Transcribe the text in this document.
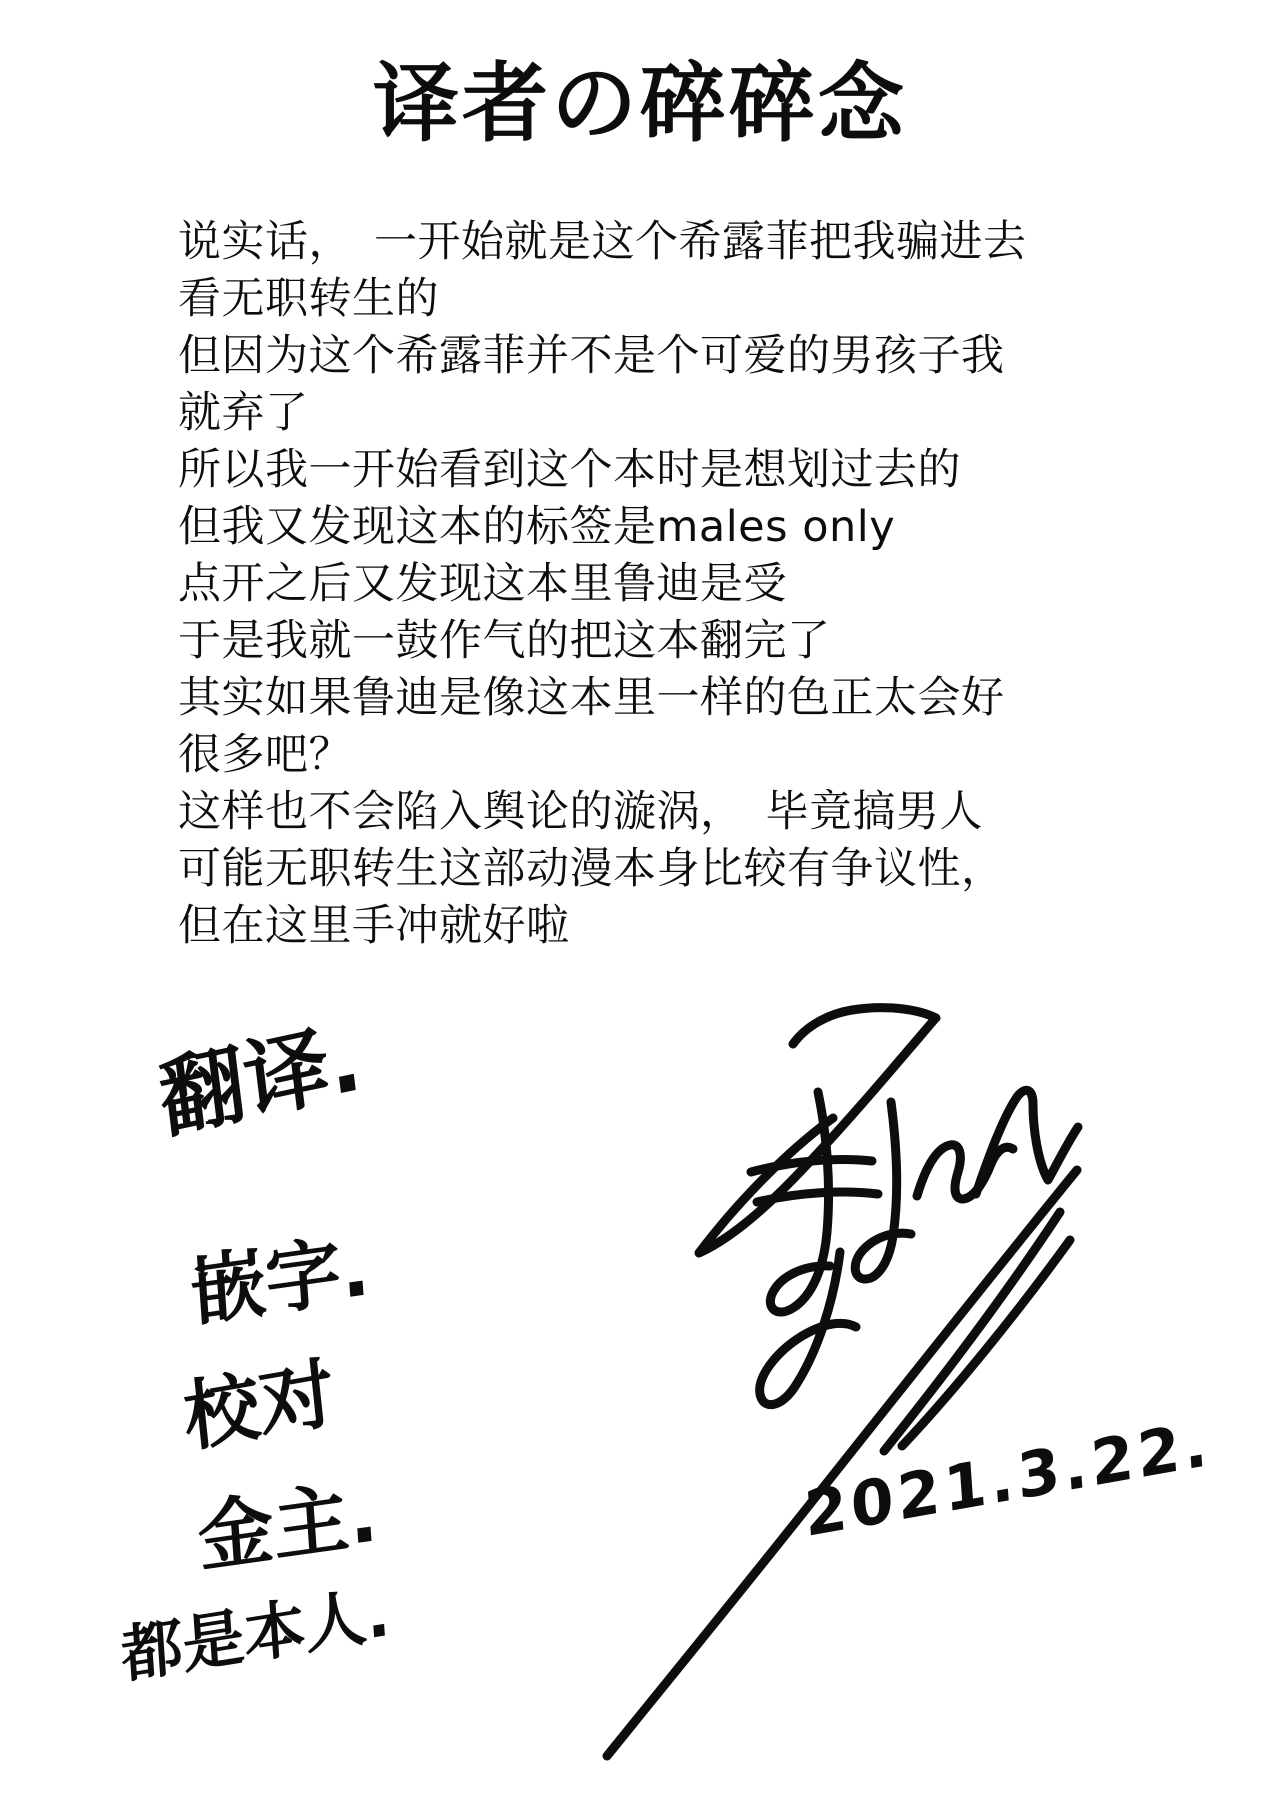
译者の碎碎念

说实话，　一开始就是这个希露菲把我骗进去

看无职转生的

但因为这个希露菲并不是个可爱的男孩子我

就弃了

所以我一开始看到这个本时是想划过去的

但我又发现这本的标签是males only

点开之后又发现这本里鲁迪是受

于是我就一鼓作气的把这本翻完了

其实如果鲁迪是像这本里一样的色正太会好

很多吧？

这样也不会陷入舆论的漩涡，　毕竟搞男人

可能无职转生这部动漫本身比较有争议性，

但在这里手冲就好啦

翻译.
嵌字.
校对
金主.
都是本人.
2021.3.22.
